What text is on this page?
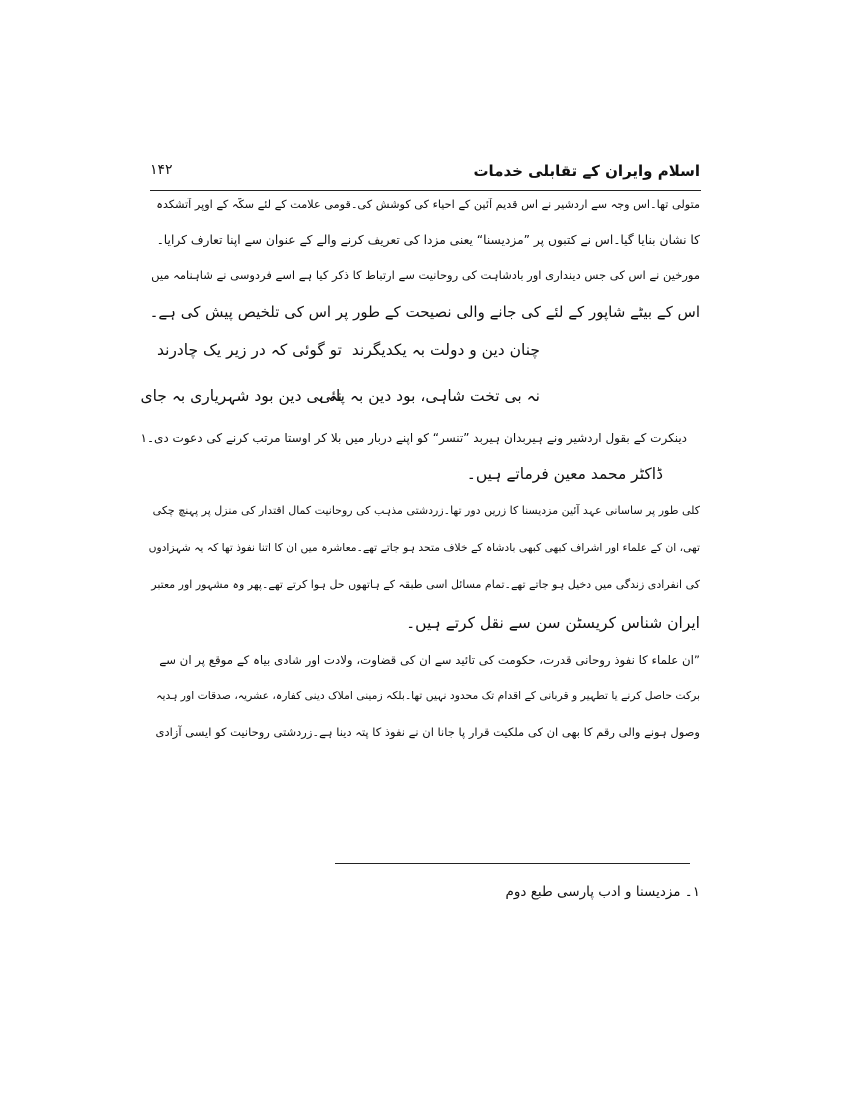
اسلام وایران کے تقابلی خدمات
۱۴۲
متولی تھا۔اس وجہ سے اردشیر نے اس قدیم آئین کے احیاء کی کوشش کی۔قومی علامت کے لئے سکّہ کے اوپر آتشکدہ
کا نشان بنایا گیا۔اس نے کتبوں پر ”مزدیسنا“ یعنی مزدا کی تعریف کرنے والے کے عنوان سے اپنا تعارف کرایا۔
مورخین نے اس کی جس دینداری اور بادشاہت کی روحانیت سے ارتباط کا ذکر کیا ہے اسے فردوسی نے شاہنامہ میں
اس کے بیٹے شاپور کے لئے کی جانے والی نصیحت کے طور پر اس کی تلخیص پیش کی ہے۔
چنان دین و دولت بہ یکدیگرند
تو گوئی کہ در زیر یک چادرند
نہ بی تخت شاہی، بود دین بہ پائی
نہ بی دین بود شہریاری بہ جای
دینکرت کے بقول اردشیر ونے ہیربدان ہیربد ”تنسر“ کو اپنے دربار میں بلا کر اوستا مرتب کرنے کی دعوت دی۔۱
ڈاکٹر محمد معین فرماتے ہیں۔
کلی طور پر ساسانی عہد آئین مزدیسنا کا زریں دور تھا۔زردشتی مذہب کی روحانیت کمال اقتدار کی منزل پر پہنچ چکی
تھی، ان کے علماء اور اشراف کبھی کبھی بادشاہ کے خلاف متحد ہو جاتے تھے۔معاشرہ میں ان کا اتنا نفوذ تھا کہ یہ شہزادوں
کی انفرادی زندگی میں دخیل ہو جاتے تھے۔تمام مسائل اسی طبقہ کے ہاتھوں حل ہوا کرتے تھے۔پھر وہ مشہور اور معتبر
ایران شناس کریسٹن سن سے نقل کرتے ہیں۔
”ان علماء کا نفوذ روحانی قدرت، حکومت کی تائید سے ان کی قضاوت، ولادت اور شادی بیاہ کے موقع پر ان سے
برکت حاصل کرنے یا تطہیر و قربانی کے اقدام تک محدود نہیں تھا۔بلکہ زمینی املاک دینی کفارہ، عشریہ، صدقات اور ہدیہ
وصول ہونے والی رقم کا بھی ان کی ملکیت قرار پا جانا ان نے نفوذ کا پتہ دینا ہے۔زردشتی روحانیت کو ایسی آزادی
۱۔ مزدیسنا و ادب پارسی طبع دوم
